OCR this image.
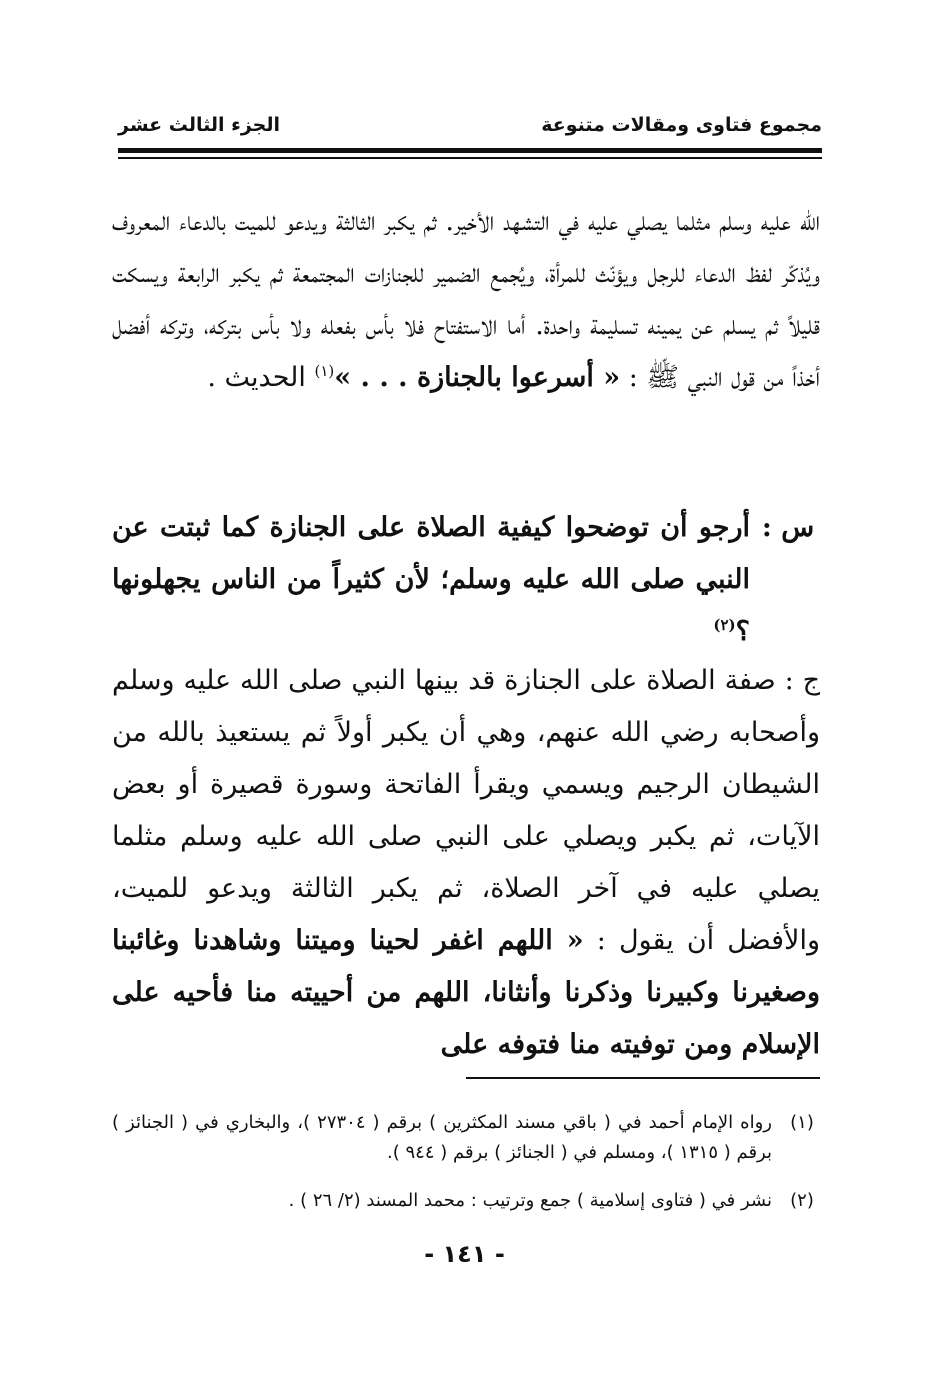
مجموع فتاوى ومقالات متنوعة
الجزء الثالث عشر
الله عليه وسلم مثلما يصلي عليه في التشهد الأخير. ثم يكبر الثالثة ويدعو للميت بالدعاء المعروف ويُذكّر لفظ الدعاء للرجل ويؤنّث للمرأة، ويُجمع الضمير للجنازات المجتمعة ثم يكبر الرابعة ويسكت قليلاً ثم يسلم عن يمينه تسليمة واحدة. أما الاستفتاح فلا بأس بفعله ولا بأس بتركه، وتركه أفضل أخذاً من قول النبي ﷺ : « أسرعوا بالجنازة . . . »$^{(١)}$ الحديث .
س :
أرجو أن توضحوا كيفية الصلاة على الجنازة كما ثبتت عن النبي صلى الله عليه وسلم؛ لأن كثيراً من الناس يجهلونها ؟$^{(٢)}$
ج : صفة الصلاة على الجنازة قد بينها النبي صلى الله عليه وسلم وأصحابه رضي الله عنهم، وهي أن يكبر أولاً ثم يستعيذ بالله من الشيطان الرجيم ويسمي ويقرأ الفاتحة وسورة قصيرة أو بعض الآيات، ثم يكبر ويصلي على النبي صلى الله عليه وسلم مثلما يصلي عليه في آخر الصلاة، ثم يكبر الثالثة ويدعو للميت، والأفضل أن يقول : « اللهم اغفر لحينا وميتنا وشاهدنا وغائبنا وصغيرنا وكبيرنا وذكرنا وأنثانا، اللهم من أحييته منا فأحيه على الإسلام ومن توفيته منا فتوفه على
(١)
رواه الإمام أحمد في ( باقي مسند المكثرين ) برقم ( ٢٧٣٠٤ )، والبخاري في ( الجنائز ) برقم ( ١٣١٥ )، ومسلم في ( الجنائز ) برقم ( ٩٤٤ ).
(٢)
نشر في ( فتاوى إسلامية ) جمع وترتيب : محمد المسند (٢/ ٢٦ ) .
- ١٤١ -
